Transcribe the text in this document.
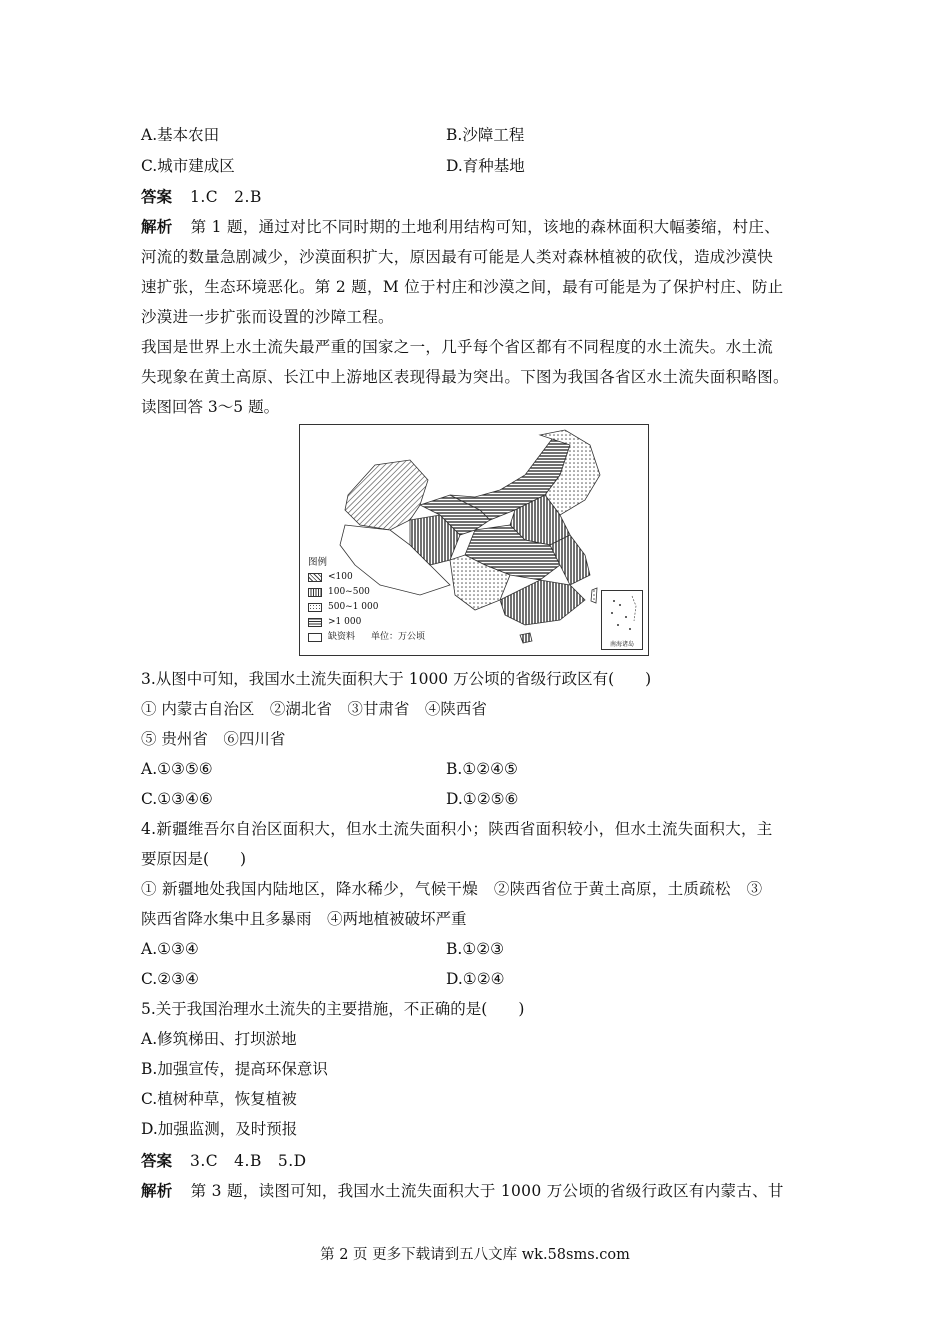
A.基本农田	B.沙障工程
C.城市建成区	D.育种基地
答案 1.C　2.B
解析 第 1 题，通过对比不同时期的土地利用结构可知，该地的森林面积大幅萎缩，村庄、
河流的数量急剧减少，沙漠面积扩大，原因最有可能是人类对森林植被的砍伐，造成沙漠快
速扩张，生态环境恶化。第 2 题，M 位于村庄和沙漠之间，最有可能是为了保护村庄、防止
沙漠进一步扩张而设置的沙障工程。
我国是世界上水土流失最严重的国家之一，几乎每个省区都有不同程度的水土流失。水土流
失现象在黄土高原、长江中上游地区表现得最为突出。下图为我国各省区水土流失面积略图。
读图回答 3～5 题。
图例
<100
100~500
500~1 000
>1 000
缺资料 单位：万公顷
南海诸岛
3.从图中可知，我国水土流失面积大于 1000 万公顷的省级行政区有(　　)
① 内蒙古自治区　②湖北省　③甘肃省　④陕西省
⑤ 贵州省　⑥四川省
A.①③⑤⑥	B.①②④⑤
C.①③④⑥	D.①②⑤⑥
4.新疆维吾尔自治区面积大，但水土流失面积小；陕西省面积较小，但水土流失面积大，主
要原因是(　　)
① 新疆地处我国内陆地区，降水稀少，气候干燥　②陕西省位于黄土高原，土质疏松　③
陕西省降水集中且多暴雨　④两地植被破坏严重
A.①③④	B.①②③
C.②③④	D.①②④
5.关于我国治理水土流失的主要措施，不正确的是(　　)
A.修筑梯田、打坝淤地
B.加强宣传，提高环保意识
C.植树种草，恢复植被
D.加强监测，及时预报
答案 3.C　4.B　5.D
解析 第 3 题，读图可知，我国水土流失面积大于 1000 万公顷的省级行政区有内蒙古、甘
第 2 页 更多下载请到五八文库 wk.58sms.com
